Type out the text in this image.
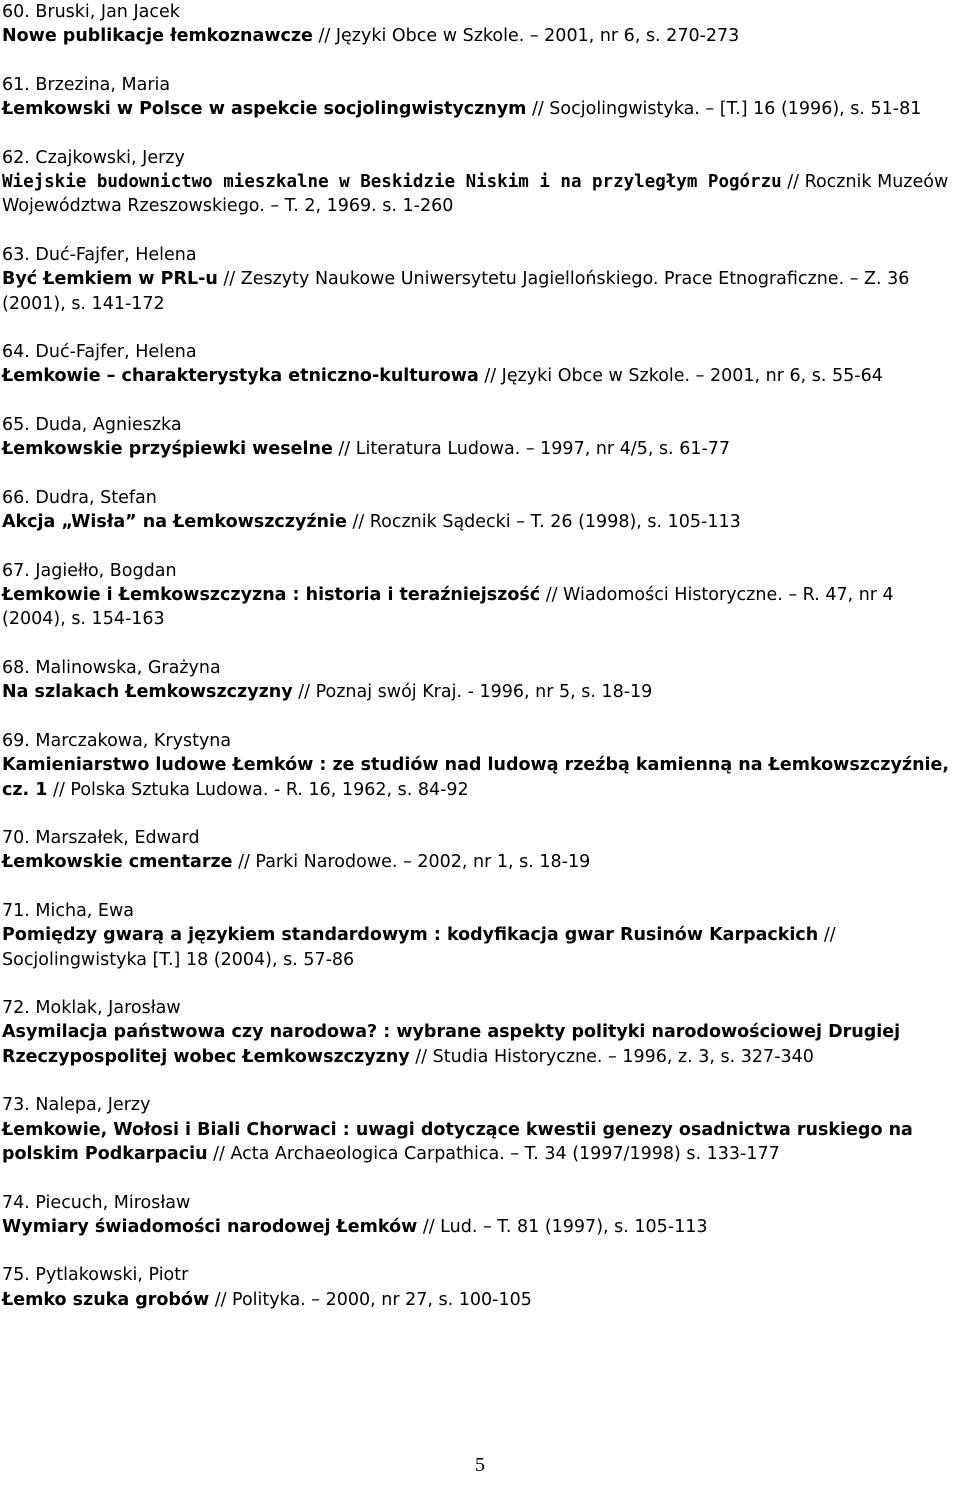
60. Bruski, Jan Jacek
Nowe publikacje łemkoznawcze // Języki Obce w Szkole. – 2001, nr 6, s. 270-273
61. Brzezina, Maria
Łemkowski w Polsce w aspekcie socjolingwistycznym // Socjolingwistyka. – [T.] 16 (1996), s. 51-81
62. Czajkowski, Jerzy
Wiejskie budownictwo mieszkalne w Beskidzie Niskim i na przyległym Pogórzu // Rocznik Muzeów Województwa Rzeszowskiego. – T. 2, 1969. s. 1-260
63. Duć-Fajfer, Helena
Być Łemkiem w PRL-u // Zeszyty Naukowe Uniwersytetu Jagiellońskiego. Prace Etnograficzne. – Z. 36 (2001), s. 141-172
64. Duć-Fajfer, Helena
Łemkowie – charakterystyka etniczno-kulturowa // Języki Obce w Szkole. – 2001, nr 6, s. 55-64
65. Duda, Agnieszka
Łemkowskie przyśpiewki weselne // Literatura Ludowa. – 1997, nr 4/5, s. 61-77
66. Dudra, Stefan
Akcja „Wisła” na Łemkowszczyźnie // Rocznik Sądecki – T. 26 (1998), s. 105-113
67. Jagiełło, Bogdan
Łemkowie i Łemkowszczyzna : historia i teraźniejszość // Wiadomości Historyczne. – R. 47, nr 4 (2004), s. 154-163
68. Malinowska, Grażyna
Na szlakach Łemkowszczyzny // Poznaj swój Kraj. - 1996, nr 5, s. 18-19
69. Marczakowa, Krystyna
Kamieniarstwo ludowe Łemków : ze studiów nad ludową rzeźbą kamienną na Łemkowszczyźnie, cz. 1 // Polska Sztuka Ludowa. - R. 16, 1962, s. 84-92
70. Marszałek, Edward
Łemkowskie cmentarze // Parki Narodowe. – 2002, nr 1, s. 18-19
71. Micha, Ewa
Pomiędzy gwarą a językiem standardowym : kodyfikacja gwar Rusinów Karpackich // Socjolingwistyka [T.] 18 (2004), s. 57-86
72. Moklak, Jarosław
Asymilacja państwowa czy narodowa? : wybrane aspekty polityki narodowościowej Drugiej Rzeczypospolitej wobec Łemkowszczyzny // Studia Historyczne. – 1996, z. 3, s. 327-340
73. Nalepa, Jerzy
Łemkowie, Wołosi i Biali Chorwaci : uwagi dotyczące kwestii genezy osadnictwa ruskiego na polskim Podkarpaciu // Acta Archaeologica Carpathica. – T. 34 (1997/1998) s. 133-177
74. Piecuch, Mirosław
Wymiary świadomości narodowej Łemków // Lud. – T. 81 (1997), s. 105-113
75. Pytlakowski, Piotr
Łemko szuka grobów // Polityka. – 2000, nr 27, s. 100-105
5
